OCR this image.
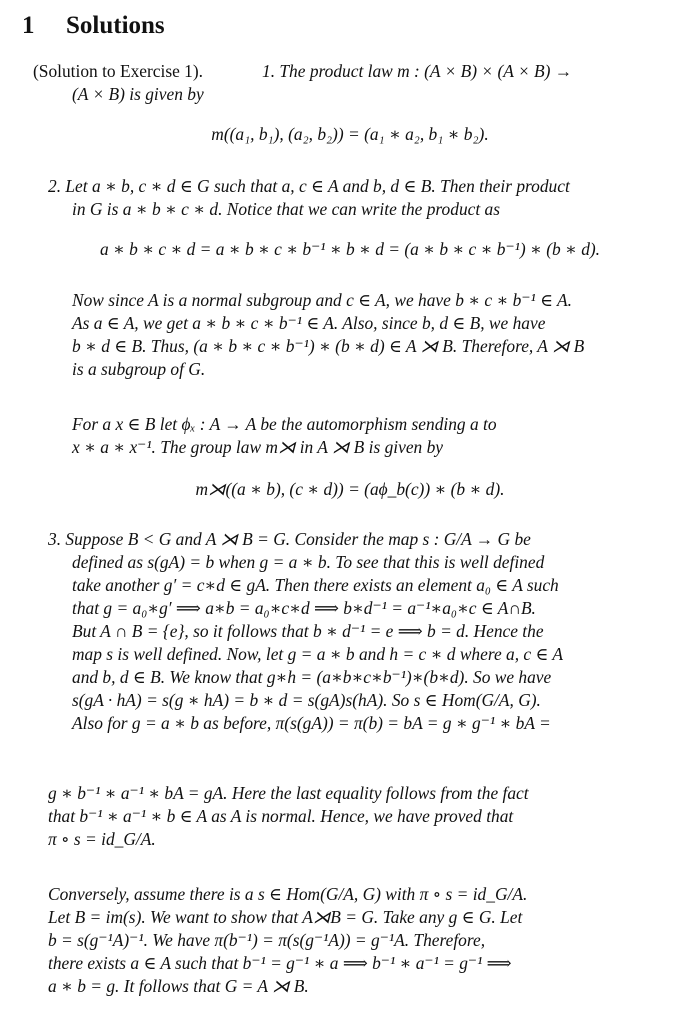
1 Solutions
(Solution to Exercise 1).	1. The product law m : (A × B) × (A × B) →
(A × B) is given by
m((a₁, b₁), (a₂, b₂)) = (a₁ ∗ a₂, b₁ ∗ b₂).
2. Let a ∗ b, c ∗ d ∈ G such that a, c ∈ A and b, d ∈ B. Then their product
in G is a ∗ b ∗ c ∗ d. Notice that we can write the product as
a ∗ b ∗ c ∗ d = a ∗ b ∗ c ∗ b⁻¹ ∗ b ∗ d = (a ∗ b ∗ c ∗ b⁻¹) ∗ (b ∗ d).
Now since A is a normal subgroup and c ∈ A, we have b ∗ c ∗ b⁻¹ ∈ A.
As a ∈ A, we get a ∗ b ∗ c ∗ b⁻¹ ∈ A. Also, since b, d ∈ B, we have
b ∗ d ∈ B. Thus, (a ∗ b ∗ c ∗ b⁻¹) ∗ (b ∗ d) ∈ A ⋊ B. Therefore, A ⋊ B
is a subgroup of G.
For a x ∈ B let ϕₓ : A → A be the automorphism sending a to
x ∗ a ∗ x⁻¹. The group law m⋊ in A ⋊ B is given by
m⋊((a ∗ b), (c ∗ d)) = (aϕ_b(c)) ∗ (b ∗ d).
3. Suppose B < G and A ⋊ B = G. Consider the map s : G/A → G be
defined as s(gA) = b when g = a ∗ b. To see that this is well defined
take another g′ = c∗d ∈ gA. Then there exists an element a₀ ∈ A such
that g = a₀∗g′ ⟹ a∗b = a₀∗c∗d ⟹ b∗d⁻¹ = a⁻¹∗a₀∗c ∈ A∩B.
But A ∩ B = {e}, so it follows that b ∗ d⁻¹ = e ⟹ b = d. Hence the
map s is well defined. Now, let g = a ∗ b and h = c ∗ d where a, c ∈ A
and b, d ∈ B. We know that g∗h = (a∗b∗c∗b⁻¹)∗(b∗d). So we have
s(gA · hA) = s(g ∗ hA) = b ∗ d = s(gA)s(hA). So s ∈ Hom(G/A, G).
Also for g = a ∗ b as before, π(s(gA)) = π(b) = bA = g ∗ g⁻¹ ∗ bA =
g ∗ b⁻¹ ∗ a⁻¹ ∗ bA = gA. Here the last equality follows from the fact
that b⁻¹ ∗ a⁻¹ ∗ b ∈ A as A is normal. Hence, we have proved that
π ∘ s = id_G/A.
Conversely, assume there is a s ∈ Hom(G/A, G) with π ∘ s = id_G/A.
Let B = im(s). We want to show that A⋊B = G. Take any g ∈ G. Let
b = s(g⁻¹A)⁻¹. We have π(b⁻¹) = π(s(g⁻¹A)) = g⁻¹A. Therefore,
there exists a ∈ A such that b⁻¹ = g⁻¹ ∗ a ⟹ b⁻¹ ∗ a⁻¹ = g⁻¹ ⟹
a ∗ b = g. It follows that G = A ⋊ B.
